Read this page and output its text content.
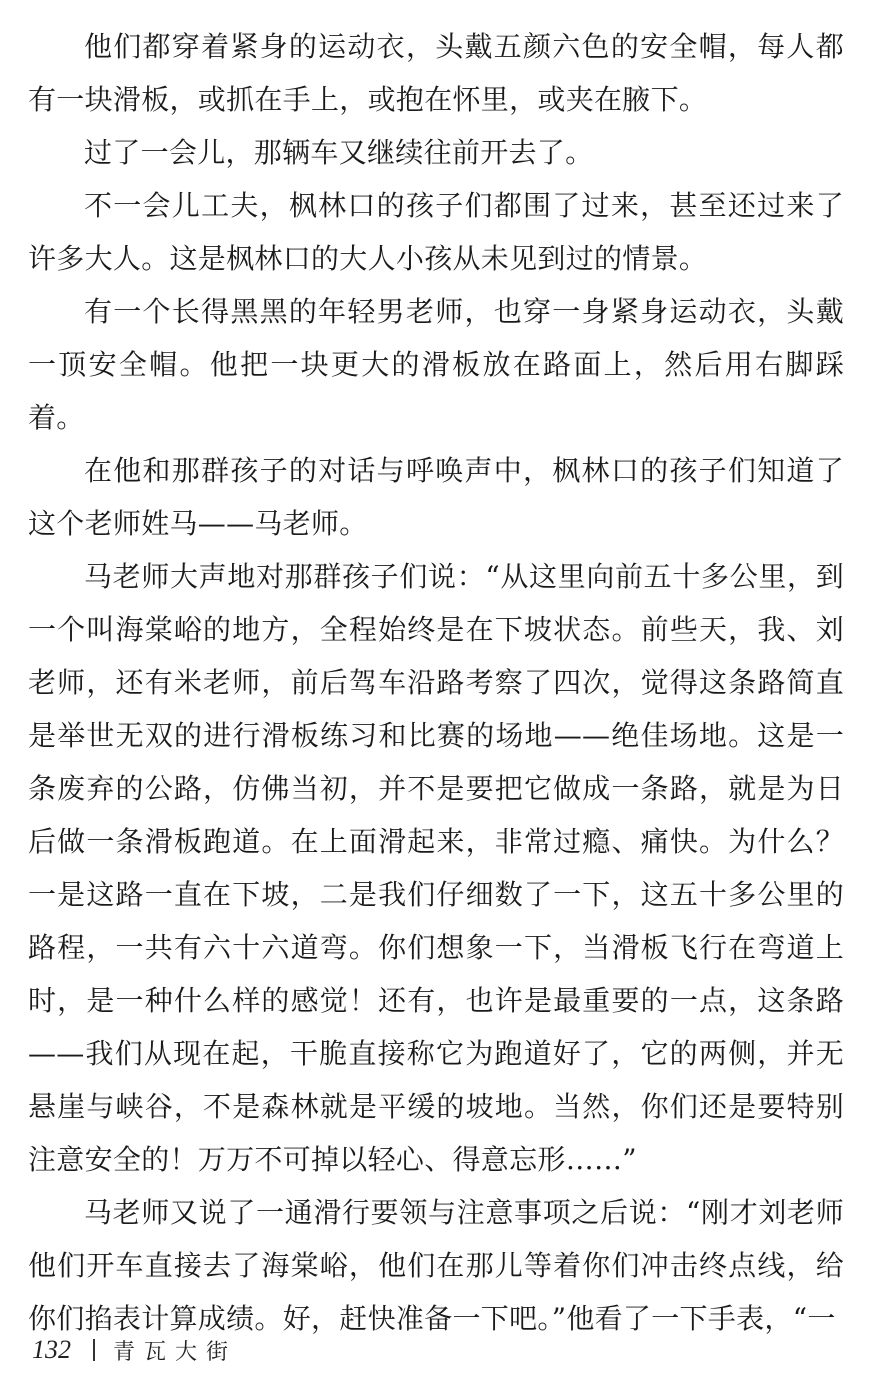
他们都穿着紧身的运动衣，头戴五颜六色的安全帽，每人都有一块滑板，或抓在手上，或抱在怀里，或夹在腋下。

过了一会儿，那辆车又继续往前开去了。

不一会儿工夫，枫林口的孩子们都围了过来，甚至还过来了许多大人。这是枫林口的大人小孩从未见到过的情景。

有一个长得黑黑的年轻男老师，也穿一身紧身运动衣，头戴一顶安全帽。他把一块更大的滑板放在路面上，然后用右脚踩着。

在他和那群孩子的对话与呼唤声中，枫林口的孩子们知道了这个老师姓马——马老师。

马老师大声地对那群孩子们说：“从这里向前五十多公里，到一个叫海棠峪的地方，全程始终是在下坡状态。前些天，我、刘老师，还有米老师，前后驾车沿路考察了四次，觉得这条路简直是举世无双的进行滑板练习和比赛的场地——绝佳场地。这是一条废弃的公路，仿佛当初，并不是要把它做成一条路，就是为日后做一条滑板跑道。在上面滑起来，非常过瘾、痛快。为什么？一是这路一直在下坡，二是我们仔细数了一下，这五十多公里的路程，一共有六十六道弯。你们想象一下，当滑板飞行在弯道上时，是一种什么样的感觉！还有，也许是最重要的一点，这条路——我们从现在起，干脆直接称它为跑道好了，它的两侧，并无悬崖与峡谷，不是森林就是平缓的坡地。当然，你们还是要特别注意安全的！万万不可掉以轻心、得意忘形……”

马老师又说了一通滑行要领与注意事项之后说：“刚才刘老师他们开车直接去了海棠峪，他们在那儿等着你们冲击终点线，给你们掐表计算成绩。好，赶快准备一下吧。”他看了一下手表，“一

132 青瓦大街
